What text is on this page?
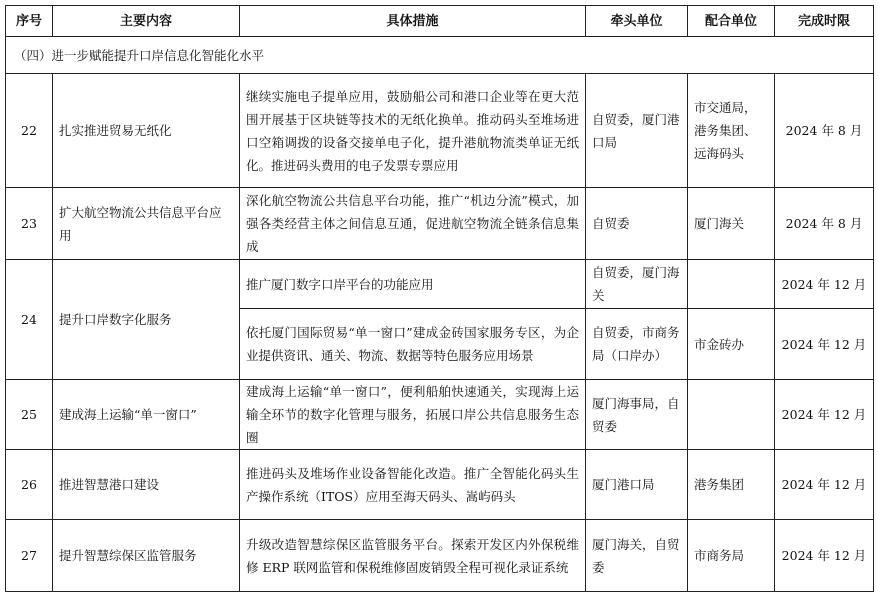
序号	主要内容	具体措施	牵头单位	配合单位	完成时限
（四）进一步赋能提升口岸信息化智能化水平					
22	扎实推进贸易无纸化	继续实施电子提单应用，鼓励船公司和港口企业等在更大范围开展基于区块链等技术的无纸化换单。推动码头至堆场进口空箱调拨的设备交接单电子化，提升港航物流类单证无纸化。推进码头费用的电子发票专票应用	自贸委，厦门港口局	市交通局，港务集团、远海码头	2024 年 8 月
23	扩大航空物流公共信息平台应用	深化航空物流公共信息平台功能，推广“机边分流”模式，加强各类经营主体之间信息互通，促进航空物流全链条信息集成	自贸委	厦门海关	2024 年 8 月
24	提升口岸数字化服务	推广厦门数字口岸平台的功能应用	自贸委，厦门海关		2024 年 12 月
		依托厦门国际贸易“单一窗口”建成金砖国家服务专区，为企业提供资讯、通关、物流、数据等特色服务应用场景	自贸委，市商务局（口岸办）	市金砖办	2024 年 12 月
25	建成海上运输“单一窗口”	建成海上运输“单一窗口”，便利船舶快速通关，实现海上运输全环节的数字化管理与服务，拓展口岸公共信息服务生态圈	厦门海事局，自贸委		2024 年 12 月
26	推进智慧港口建设	推进码头及堆场作业设备智能化改造。推广全智能化码头生产操作系统（ITOS）应用至海天码头、嵩屿码头	厦门港口局	港务集团	2024 年 12 月
27	提升智慧综保区监管服务	升级改造智慧综保区监管服务平台。探索开发区内外保税维修 ERP 联网监管和保税维修固废销毁全程可视化录证系统	厦门海关，自贸委	市商务局	2024 年 12 月
